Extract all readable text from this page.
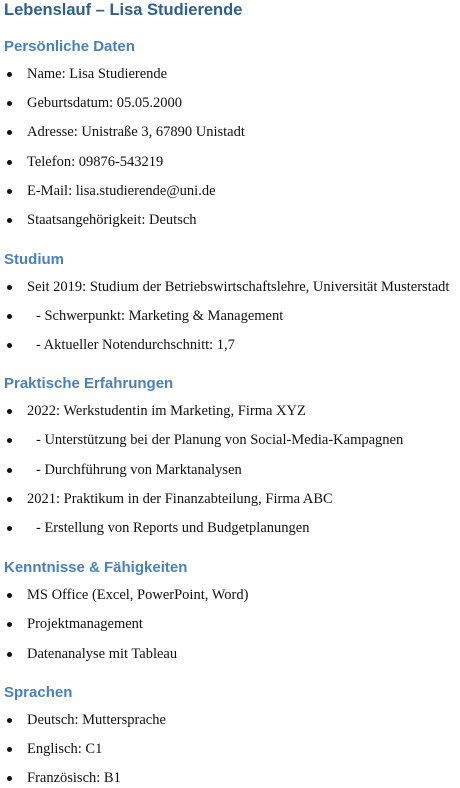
Lebenslauf – Lisa Studierende
Persönliche Daten
Name: Lisa Studierende
Geburtsdatum: 05.05.2000
Adresse: Unistraße 3, 67890 Unistadt
Telefon: 09876-543219
E-Mail: lisa.studierende@uni.de
Staatsangehörigkeit: Deutsch
Studium
Seit 2019: Studium der Betriebswirtschaftslehre, Universität Musterstadt
- Schwerpunkt: Marketing & Management
- Aktueller Notendurchschnitt: 1,7
Praktische Erfahrungen
2022: Werkstudentin im Marketing, Firma XYZ
- Unterstützung bei der Planung von Social-Media-Kampagnen
- Durchführung von Marktanalysen
2021: Praktikum in der Finanzabteilung, Firma ABC
- Erstellung von Reports und Budgetplanungen
Kenntnisse & Fähigkeiten
MS Office (Excel, PowerPoint, Word)
Projektmanagement
Datenanalyse mit Tableau
Sprachen
Deutsch: Muttersprache
Englisch: C1
Französisch: B1
